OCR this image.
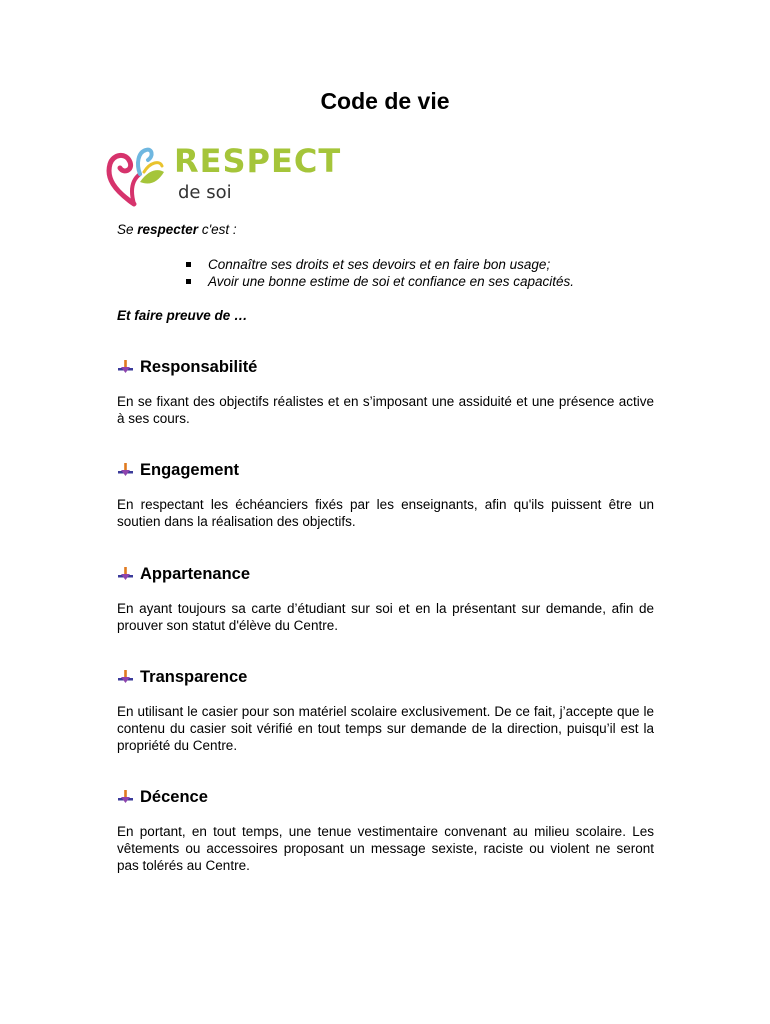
Code de vie
RESPECT
de soi
Se respecter c'est :
Connaître ses droits et ses devoirs et en faire bon usage;
Avoir une bonne estime de soi et confiance en ses capacités.
Et faire preuve de …
Responsabilité
En se fixant des objectifs réalistes et en s’imposant une assiduité et une présence active à ses cours.
Engagement
En respectant les échéanciers fixés par les enseignants, afin qu'ils puissent être un soutien dans la réalisation des objectifs.
Appartenance
En ayant toujours sa carte d’étudiant sur soi et en la présentant sur demande, afin de prouver son statut d'élève du Centre.
Transparence
En utilisant le casier pour son matériel scolaire exclusivement. De ce fait, j’accepte que le contenu du casier soit vérifié en tout temps sur demande de la direction, puisqu’il est la propriété du Centre.
Décence
En portant, en tout temps, une tenue vestimentaire convenant au milieu scolaire. Les vêtements ou accessoires proposant un message sexiste, raciste ou violent ne seront pas tolérés au Centre.
